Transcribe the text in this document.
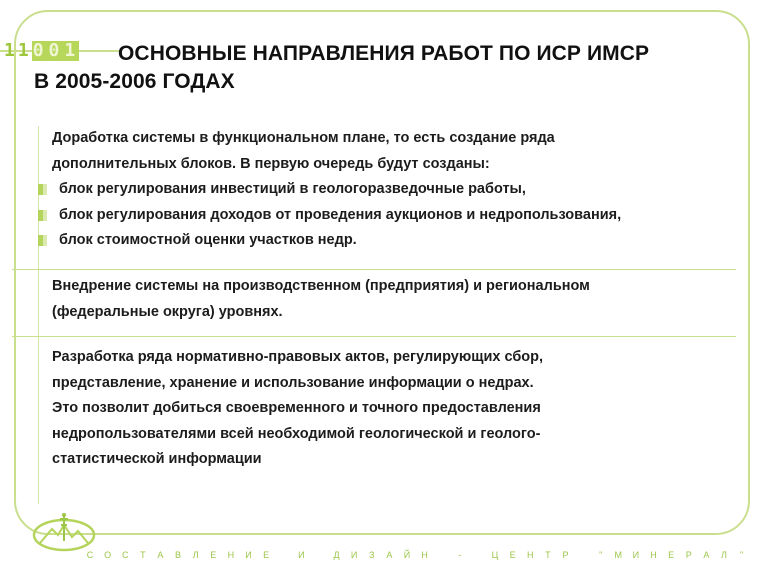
1 1 0 0 1	ОСНОВНЫЕ НАПРАВЛЕНИЯ РАБОТ ПО ИСР ИМСР
В 2005-2006 ГОДАХ

Доработка системы в функциональном плане, то есть создание ряда

дополнительных блоков. В первую очередь будут созданы:

блок регулирования инвестиций в геологоразведочные работы,
блок регулирования доходов от проведения аукционов и недропользования,
блок стоимостной оценки участков недр.

Внедрение системы на производственном (предприятия) и региональном

(федеральные округа) уровнях.

Разработка ряда нормативно-правовых актов, регулирующих сбор,

представление, хранение и использование информации о недрах.

Это позволит добиться своевременного и точного предоставления

недропользователями всей необходимой геологической и геолого-

статистической информации

С О С Т А В Л Е Н И Е
	И
	Д И З А Й Н
	-
	Ц Е Н Т Р
	" М И Н Е Р А Л "
